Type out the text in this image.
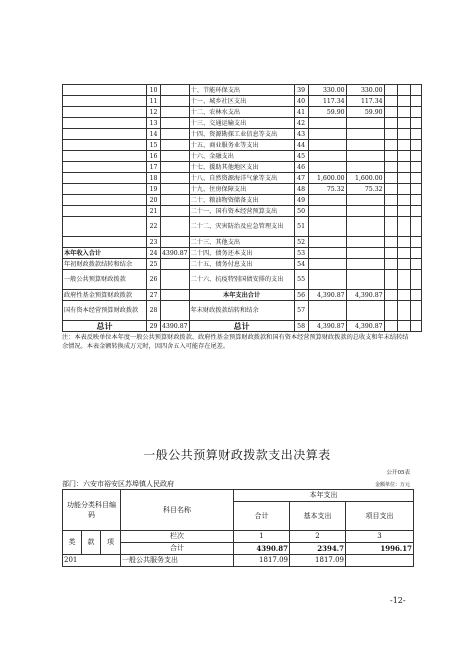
	10		十、节能环保支出	39	330.00	330.00			
	11		十一、城乡社区支出	40	117.34	117.34			
	12		十二、农林水支出	41	59.90	59.90			
	13		十三、交通运输支出	42					
	14		十四、资源勘探工业信息等支出	43					
	15		十五、商业服务业等支出	44					
	16		十六、金融支出	45					
	17		十七、援助其他地区支出	46					
	18		十八、自然资源海洋气象等支出	47	1,600.00	1,600.00			
	19		十九、住房保障支出	48	75.32	75.32			
	20		二十、粮油物资储备支出	49					
	21		二十一、国有资本经营预算支出	50					
	22		二十二、灾害防治及应急管理支出	51					
	23		二十三、其他支出	52					
本年收入合计	24	4390.87	二十四、债务还本支出	53					
年初财政拨款结转和结余	25		二十五、债务付息支出	54					
一般公共预算财政拨款	26		二十六、抗疫特别国债安排的支出	55					
政府性基金预算财政拨款	27		本年支出合计	56	4,390.87	4,390.87			
国有资本经营预算财政拨款	28		年末财政拨款结转和结余	57					
总计	29	4390.87	总计	58	4,390.87	4,390.87			
注：本表反映单位本年度一般公共预算财政拨款、政府性基金预算财政拨款和国有资本经营预算财政拨款的总收支和年末结转结余情况。本表金额转换成万元时，因四舍五入可能存在尾差。
一般公共预算财政拨款支出决算表
公开05表
部门：六安市裕安区苏埠镇人民政府	金额单位：万元
功能分类科目编码			科目名称	本年支出		
				合计	基本支出	项目支出

类	款	项	栏次	1	2	3
			合计	4390.87	2394.7	1996.17
201			一般公共服务支出	1817.09	1817.09	
-12-
